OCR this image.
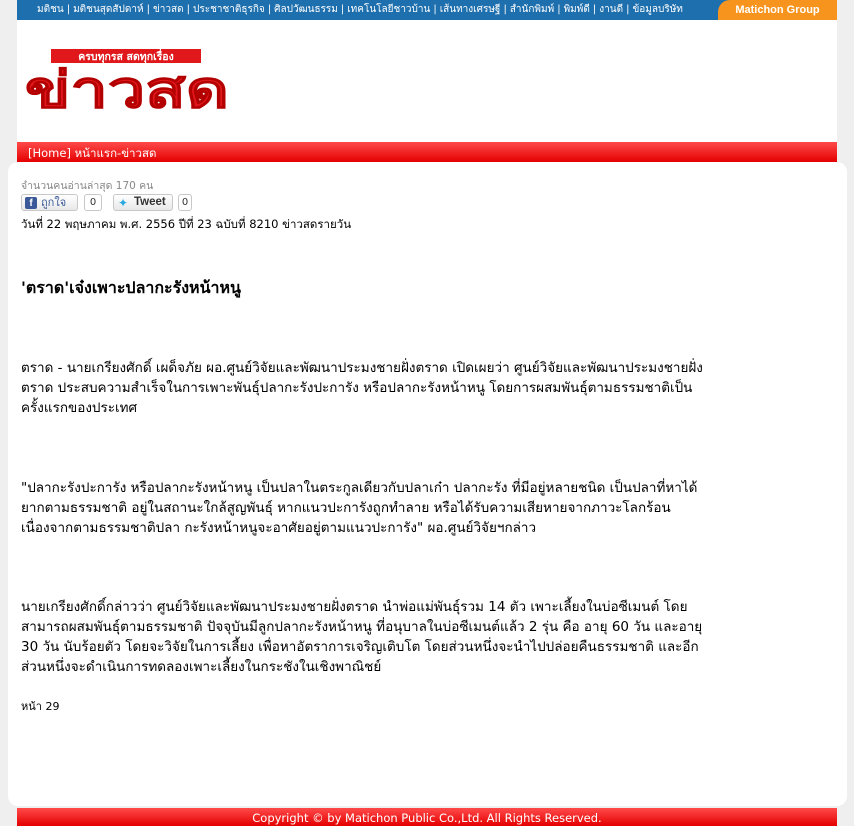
มติชน | มติชนสุดสัปดาห์ | ข่าวสด | ประชาชาติธุรกิจ | ศิลปวัฒนธรรม | เทคโนโลยีชาวบ้าน | เส้นทางเศรษฐี | สำนักพิมพ์ | พิมพ์ดี | งานดี | ข้อมูลบริษัท	Matichon Group
ครบทุกรส สดทุกเรื่อง
ข่าวสด
[Home] หน้าแรก-ข่าวสด
จำนวนคนอ่านล่าสุด 170 คน
f ถูกใจ	0	✦ Tweet	0
วันที่ 22 พฤษภาคม พ.ศ. 2556 ปีที่ 23 ฉบับที่ 8210 ข่าวสดรายวัน
'ตราด'เจ๋งเพาะปลากะรังหน้าหนู

ตราด - นายเกรียงศักดิ์ เผด็จภัย ผอ.ศูนย์วิจัยและพัฒนาประมงชายฝั่งตราด เปิดเผยว่า ศูนย์วิจัยและพัฒนาประมงชายฝั่งตราด ประสบความสำเร็จในการเพาะพันธุ์ปลากะรังปะการัง หรือปลากะรังหน้าหนู โดยการผสมพันธุ์ตามธรรมชาติเป็นครั้งแรกของประเทศ

"ปลากะรังปะการัง หรือปลากะรังหน้าหนู เป็นปลาในตระกูลเดียวกับปลาเก๋า ปลากะรัง ที่มีอยู่หลายชนิด เป็นปลาที่หาได้ยากตามธรรมชาติ อยู่ในสถานะใกล้สูญพันธุ์ หากแนวปะการังถูกทำลาย หรือได้รับความเสียหายจากภาวะโลกร้อน เนื่องจากตามธรรมชาติปลา กะรังหน้าหนูจะอาศัยอยู่ตามแนวปะการัง" ผอ.ศูนย์วิจัยฯกล่าว

นายเกรียงศักดิ์กล่าวว่า ศูนย์วิจัยและพัฒนาประมงชายฝั่งตราด นำพ่อแม่พันธุ์รวม 14 ตัว เพาะเลี้ยงในบ่อซีเมนต์ โดยสามารถผสมพันธุ์ตามธรรมชาติ ปัจจุบันมีลูกปลากะรังหน้าหนู ที่อนุบาลในบ่อซีเมนต์แล้ว 2 รุ่น คือ อายุ 60 วัน และอายุ 30 วัน นับร้อยตัว โดยจะวิจัยในการเลี้ยง เพื่อหาอัตราการเจริญเติบโต โดยส่วนหนึ่งจะนำไปปล่อยคืนธรรมชาติ และอีกส่วนหนึ่งจะดำเนินการทดลองเพาะเลี้ยงในกระชังในเชิงพาณิชย์

หน้า 29
Copyright © by Matichon Public Co.,Ltd. All Rights Reserved.
